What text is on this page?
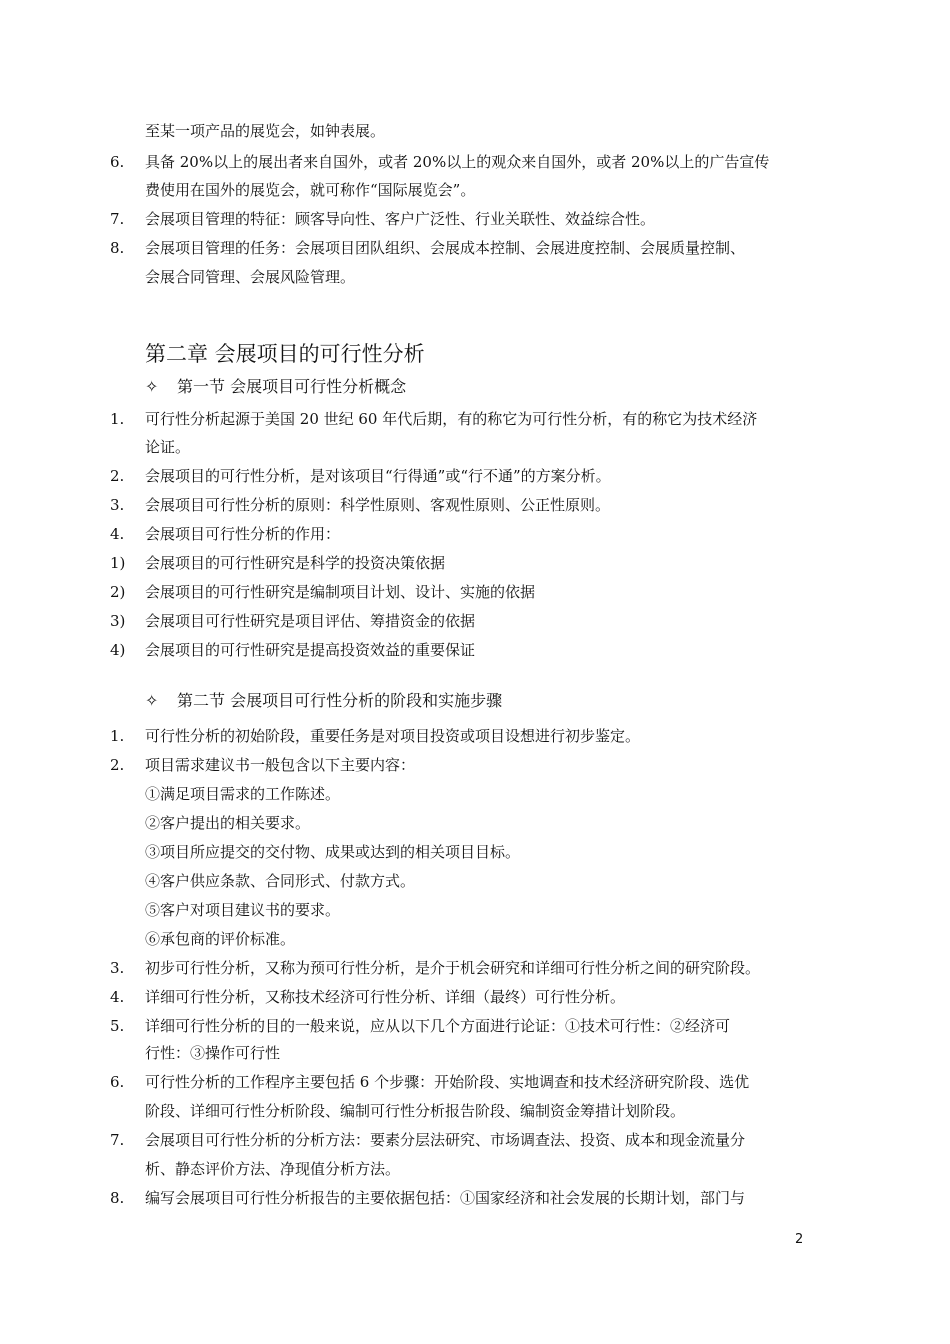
至某一项产品的展览会，如钟表展。
6.	具备 20%以上的展出者来自国外，或者 20%以上的观众来自国外，或者 20%以上的广告宣传
费使用在国外的展览会，就可称作“国际展览会”。
7.	会展项目管理的特征：顾客导向性、客户广泛性、行业关联性、效益综合性。
8.	会展项目管理的任务：会展项目团队组织、会展成本控制、会展进度控制、会展质量控制、
会展合同管理、会展风险管理。
第二章 会展项目的可行性分析
✧ 第一节 会展项目可行性分析概念
1.	可行性分析起源于美国 20 世纪 60 年代后期，有的称它为可行性分析，有的称它为技术经济
论证。
2.	会展项目的可行性分析，是对该项目“行得通”或“行不通”的方案分析。
3.	会展项目可行性分析的原则：科学性原则、客观性原则、公正性原则。
4.	会展项目可行性分析的作用：
1)	会展项目的可行性研究是科学的投资决策依据
2)	会展项目的可行性研究是编制项目计划、设计、实施的依据
3)	会展项目可行性研究是项目评估、筹措资金的依据
4)	会展项目的可行性研究是提高投资效益的重要保证
✧ 第二节 会展项目可行性分析的阶段和实施步骤
1.	可行性分析的初始阶段，重要任务是对项目投资或项目设想进行初步鉴定。
2.	项目需求建议书一般包含以下主要内容：
①满足项目需求的工作陈述。
②客户提出的相关要求。
③项目所应提交的交付物、成果或达到的相关项目目标。
④客户供应条款、合同形式、付款方式。
⑤客户对项目建议书的要求。
⑥承包商的评价标准。
3.	初步可行性分析，又称为预可行性分析，是介于机会研究和详细可行性分析之间的研究阶段。
4.	详细可行性分析，又称技术经济可行性分析、详细（最终）可行性分析。
5.	详细可行性分析的目的一般来说，应从以下几个方面进行论证：①技术可行性：②经济可
行性：③操作可行性
6.	可行性分析的工作程序主要包括 6 个步骤：开始阶段、实地调查和技术经济研究阶段、选优
阶段、详细可行性分析阶段、编制可行性分析报告阶段、编制资金筹措计划阶段。
7.	会展项目可行性分析的分析方法：要素分层法研究、市场调查法、投资、成本和现金流量分
析、静态评价方法、净现值分析方法。
8.	编写会展项目可行性分析报告的主要依据包括：①国家经济和社会发展的长期计划，部门与
2
